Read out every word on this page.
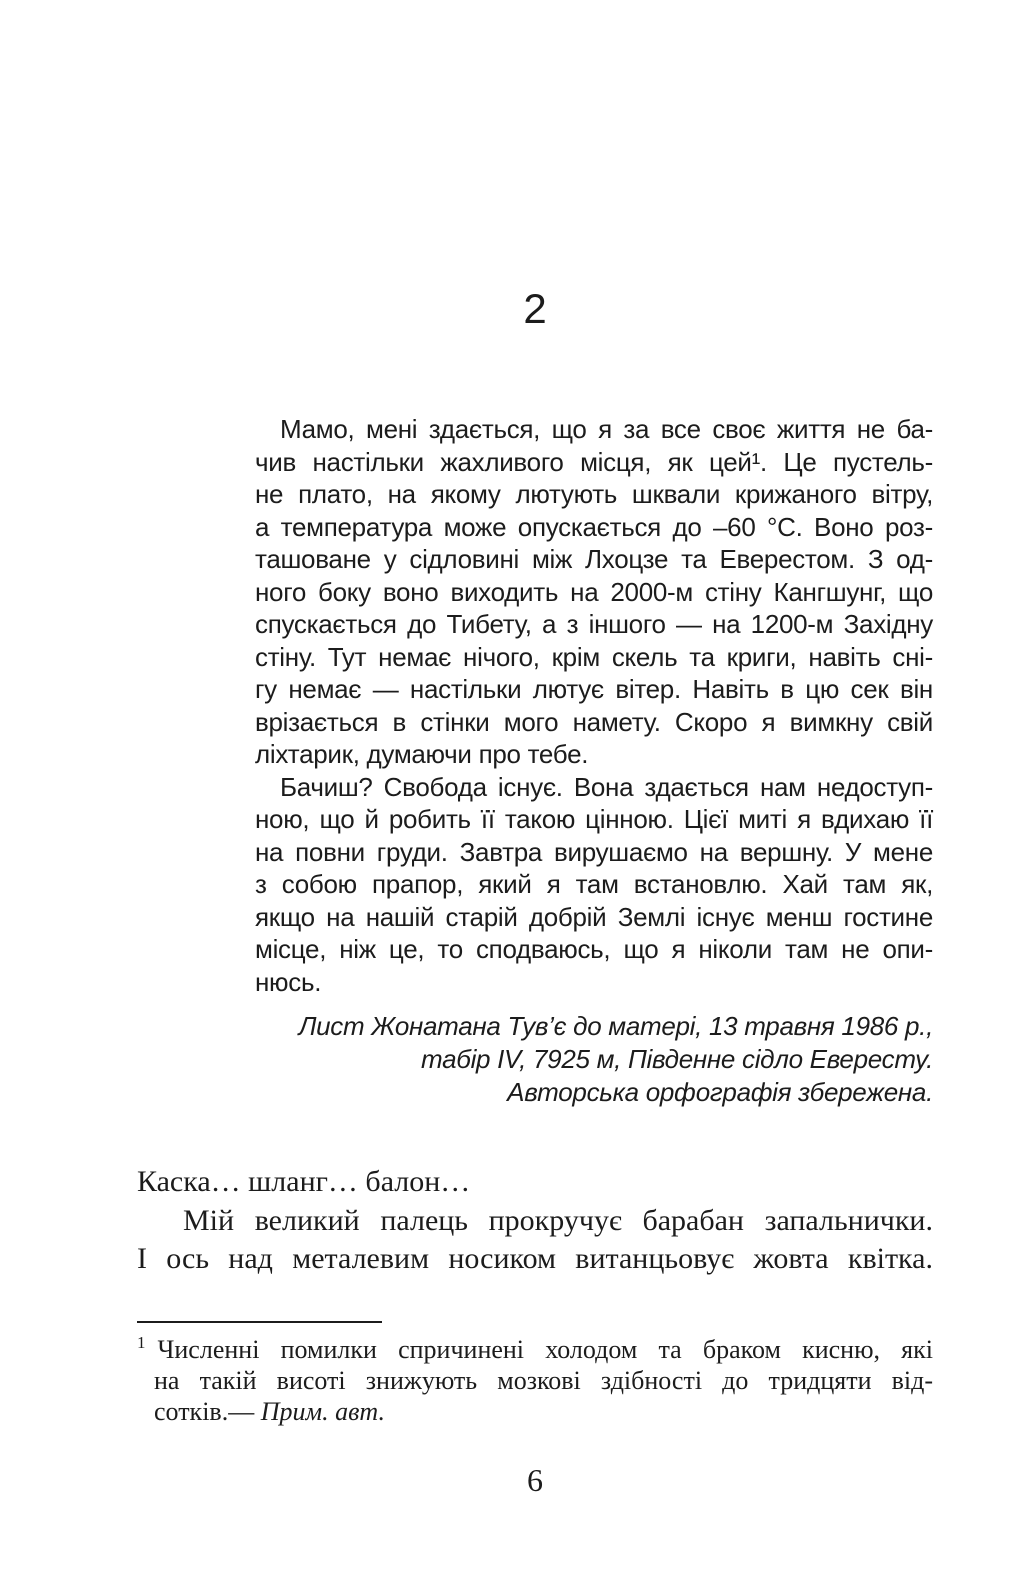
2
Мамо, мені здається, що я за все своє життя не ба-
чив настільки жахливого місця, як цей¹. Це пустель-
не плато, на якому лютують шквали крижаного вітру,
а температура може опускається до –60 °С. Воно роз-
ташоване у сідловині між Лхоцзе та Еверестом. З од-
ного боку воно виходить на 2000-м стіну Кангшунг, що
спускається до Тибету, а з іншого — на 1200-м Західну
стіну. Тут немає нічого, крім скель та криги, навіть сні-
гу немає — настільки лютує вітер. Навіть в цю сек він
врізається в стінки мого намету. Скоро я вимкну свій
ліхтарик, думаючи про тебе.
Бачиш? Свобода існує. Вона здається нам недоступ-
ною, що й робить її такою цінною. Цієї миті я вдихаю її
на повни груди. Завтра вирушаємо на вершну. У мене
з собою прапор, який я там встановлю. Хай там як,
якщо на нашій старій добрій Землі існує менш гостине
місце, ніж це, то сподваюсь, що я ніколи там не опи-
нюсь.
Лист Жонатана Тув’є до матері, 13 травня 1986 р.,
табір IV, 7925 м, Південне сідло Евересту.
Авторська орфографія збережена.
Каска… шланг… балон…
Мій великий палець прокручує барабан запальнички.
І ось над металевим носиком витанцьовує жовта квітка.
$^1$ Численні помилки спричинені холодом та браком кисню, які
на такій висоті знижують мозкові здібності до тридцяти від-
сотків.— Прим. авт.
6
